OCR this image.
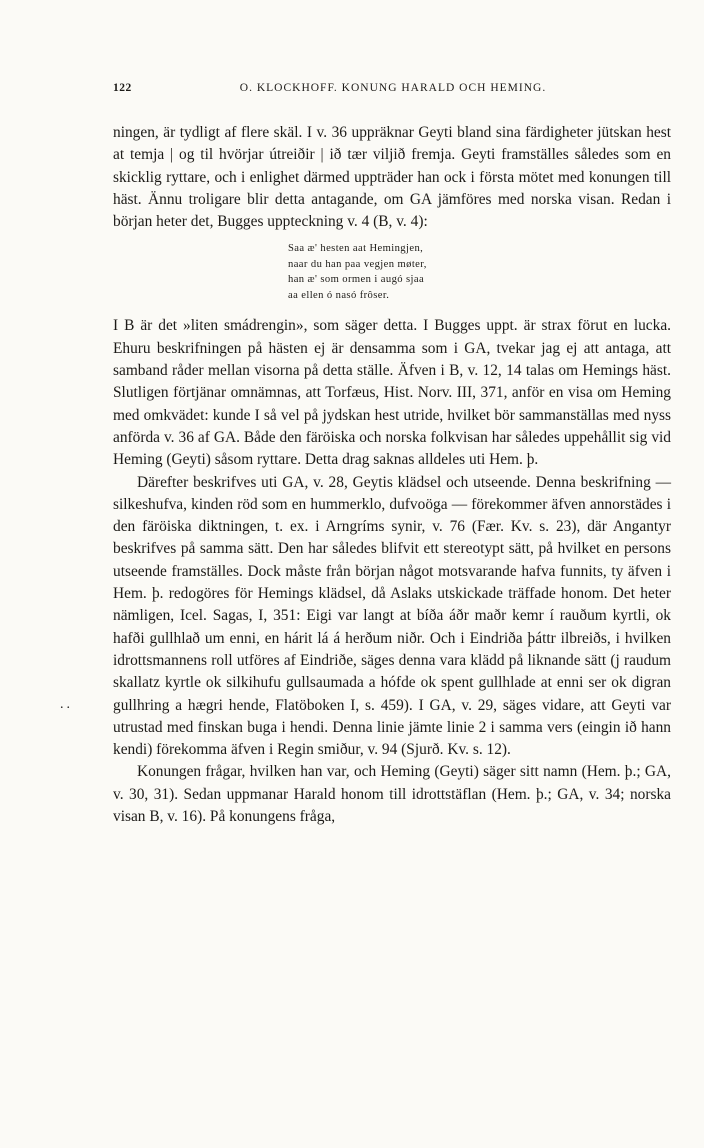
122	O. KLOCKHOFF. KONUNG HARALD OCH HEMING.

ningen, är tydligt af flere skäl. I v. 36 uppräknar Geyti bland sina färdigheter jütskan hest at temja | og til hvörjar útreiðir | ið tær viljið fremja. Geyti framställes således som en skicklig ryttare, och i enlighet därmed uppträder han ock i första mötet med konungen till häst. Ännu troligare blir detta antagande, om GA jämföres med norska visan. Redan i början heter det, Bugges uppteckning v. 4 (B, v. 4):

Saa æ' hesten aat Hemingjen,
naar du han paa vegjen møter,
han æ' som ormen i augó sjaa
aa ellen ó nasó frôser.

I B är det »liten smádrengin», som säger detta. I Bugges uppt. är strax förut en lucka. Ehuru beskrifningen på hästen ej är densamma som i GA, tvekar jag ej att antaga, att samband råder mellan visorna på detta ställe. Äfven i B, v. 12, 14 talas om Hemings häst. Slutligen förtjänar omnämnas, att Torfæus, Hist. Norv. III, 371, anför en visa om Heming med omkvädet: kunde I så vel på jydskan hest utride, hvilket bör sammanställas med nyss anförda v. 36 af GA. Både den färöiska och norska folkvisan har således uppehållit sig vid Heming (Geyti) såsom ryttare. Detta drag saknas alldeles uti Hem. þ.

Därefter beskrifves uti GA, v. 28, Geytis klädsel och utseende. Denna beskrifning — silkeshufva, kinden röd som en hummerklo, dufvoöga — förekommer äfven annorstädes i den färöiska diktningen, t. ex. i Arngríms synir, v. 76 (Fær. Kv. s. 23), där Angantyr beskrifves på samma sätt. Den har således blifvit ett stereotypt sätt, på hvilket en persons utseende framställes. Dock måste från början något motsvarande hafva funnits, ty äfven i Hem. þ. redogöres för Hemings klädsel, då Aslaks utskickade träffade honom. Det heter nämligen, Icel. Sagas, I, 351: Eigi var langt at bíða áðr maðr kemr í rauðum kyrtli, ok hafði gullhlað um enni, en hárit lá á herðum niðr. Och i Eindriða þáttr ilbreiðs, i hvilken idrottsmannens roll utföres af Eindriðe, säges denna vara klädd på liknande sätt (j raudum skallatz kyrtle ok silkihufu gullsaumada a hófde ok spent gullhlade at enni ser ok digran gullhring a hægri hende, Flatöboken I, s. 459). I GA, v. 29, säges vidare, att Geyti var utrustad med finskan buga i hendi. Denna linie jämte linie 2 i samma vers (eingin ið hann kendi) förekomma äfven i Regin smiður, v. 94 (Sjurð. Kv. s. 12).

Konungen frågar, hvilken han var, och Heming (Geyti) säger sitt namn (Hem. þ.; GA, v. 30, 31). Sedan uppmanar Harald honom till idrottstäflan (Hem. þ.; GA, v. 34; norska visan B, v. 16). På konungens fråga,

..
